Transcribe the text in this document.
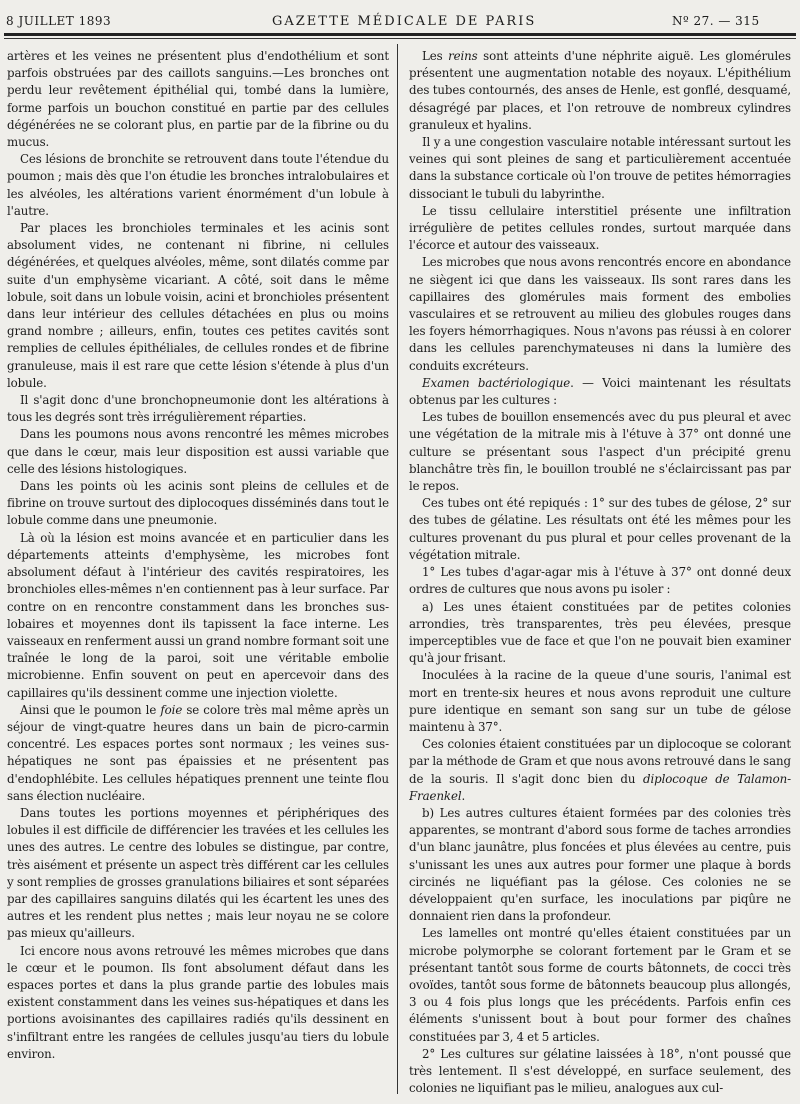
8 JUILLET 1893	GAZETTE MÉDICALE DE PARIS	Nº 27. — 315

artères et les veines ne présentent plus d'endothélium et sont parfois obstruées par des caillots sanguins.—Les bronches ont perdu leur revêtement épithélial qui, tombé dans la lumière, forme parfois un bouchon constitué en partie par des cellules dégénérées ne se colorant plus, en partie par de la fibrine ou du mucus.

Ces lésions de bronchite se retrouvent dans toute l'étendue du poumon ; mais dès que l'on étudie les bronches intralobulaires et les alvéoles, les altérations varient énormément d'un lobule à l'autre.

Par places les bronchioles terminales et les acinis sont absolument vides, ne contenant ni fibrine, ni cellules dégénérées, et quelques alvéoles, même, sont dilatés comme par suite d'un emphysème vicariant. A côté, soit dans le même lobule, soit dans un lobule voisin, acini et bronchioles présentent dans leur intérieur des cellules détachées en plus ou moins grand nombre ; ailleurs, enfin, toutes ces petites cavités sont remplies de cellules épithéliales, de cellules rondes et de fibrine granuleuse, mais il est rare que cette lésion s'étende à plus d'un lobule.

Il s'agit donc d'une bronchopneumonie dont les altérations à tous les degrés sont très irrégulièrement réparties.

Dans les poumons nous avons rencontré les mêmes microbes que dans le cœur, mais leur disposition est aussi variable que celle des lésions histologiques.

Dans les points où les acinis sont pleins de cellules et de fibrine on trouve surtout des diplocoques disséminés dans tout le lobule comme dans une pneumonie.

Là où la lésion est moins avancée et en particulier dans les départements atteints d'emphysème, les microbes font absolument défaut à l'intérieur des cavités respiratoires, les bronchioles elles-mêmes n'en contiennent pas à leur surface. Par contre on en rencontre constamment dans les bronches sus-lobaires et moyennes dont ils tapissent la face interne. Les vaisseaux en renferment aussi un grand nombre formant soit une traînée le long de la paroi, soit une véritable embolie microbienne. Enfin souvent on peut en apercevoir dans des capillaires qu'ils dessinent comme une injection violette.

Ainsi que le poumon le foie se colore très mal même après un séjour de vingt-quatre heures dans un bain de picro-carmin concentré. Les espaces portes sont normaux ; les veines sus-hépatiques ne sont pas épaissies et ne présentent pas d'endophlébite. Les cellules hépatiques prennent une teinte flou sans élection nucléaire.

Dans toutes les portions moyennes et périphériques des lobules il est difficile de différencier les travées et les cellules les unes des autres. Le centre des lobules se distingue, par contre, très aisément et présente un aspect très différent car les cellules y sont remplies de grosses granulations biliaires et sont séparées par des capillaires sanguins dilatés qui les écartent les unes des autres et les rendent plus nettes ; mais leur noyau ne se colore pas mieux qu'ailleurs.

Ici encore nous avons retrouvé les mêmes microbes que dans le cœur et le poumon. Ils font absolument défaut dans les espaces portes et dans la plus grande partie des lobules mais existent constamment dans les veines sus-hépatiques et dans les portions avoisinantes des capillaires radiés qu'ils dessinent en s'infiltrant entre les rangées de cellules jusqu'au tiers du lobule environ.

Les reins sont atteints d'une néphrite aiguë. Les glomérules présentent une augmentation notable des noyaux. L'épithélium des tubes contournés, des anses de Henle, est gonflé, desquamé, désagrégé par places, et l'on retrouve de nombreux cylindres granuleux et hyalins.

Il y a une congestion vasculaire notable intéressant surtout les veines qui sont pleines de sang et particulièrement accentuée dans la substance corticale où l'on trouve de petites hémorragies dissociant le tubuli du labyrinthe.

Le tissu cellulaire interstitiel présente une infiltration irrégulière de petites cellules rondes, surtout marquée dans l'écorce et autour des vaisseaux.

Les microbes que nous avons rencontrés encore en abondance ne siègent ici que dans les vaisseaux. Ils sont rares dans les capillaires des glomérules mais forment des embolies vasculaires et se retrouvent au milieu des globules rouges dans les foyers hémorrhagiques. Nous n'avons pas réussi à en colorer dans les cellules parenchymateuses ni dans la lumière des conduits excréteurs.

Examen bactériologique. — Voici maintenant les résultats obtenus par les cultures :

Les tubes de bouillon ensemencés avec du pus pleural et avec une végétation de la mitrale mis à l'étuve à 37° ont donné une culture se présentant sous l'aspect d'un précipité grenu blanchâtre très fin, le bouillon troublé ne s'éclaircissant pas par le repos.

Ces tubes ont été repiqués : 1° sur des tubes de gélose, 2° sur des tubes de gélatine. Les résultats ont été les mêmes pour les cultures provenant du pus plural et pour celles provenant de la végétation mitrale.

1° Les tubes d'agar-agar mis à l'étuve à 37° ont donné deux ordres de cultures que nous avons pu isoler :

a) Les unes étaient constituées par de petites colonies arrondies, très transparentes, très peu élevées, presque imperceptibles vue de face et que l'on ne pouvait bien examiner qu'à jour frisant.

Inoculées à la racine de la queue d'une souris, l'animal est mort en trente-six heures et nous avons reproduit une culture pure identique en semant son sang sur un tube de gélose maintenu à 37°.

Ces colonies étaient constituées par un diplocoque se colorant par la méthode de Gram et que nous avons retrouvé dans le sang de la souris. Il s'agit donc bien du diplocoque de Talamon-Fraenkel.

b) Les autres cultures étaient formées par des colonies très apparentes, se montrant d'abord sous forme de taches arrondies d'un blanc jaunâtre, plus foncées et plus élevées au centre, puis s'unissant les unes aux autres pour former une plaque à bords circinés ne liquéfiant pas la gélose. Ces colonies ne se développaient qu'en surface, les inoculations par piqûre ne donnaient rien dans la profondeur.

Les lamelles ont montré qu'elles étaient constituées par un microbe polymorphe se colorant fortement par le Gram et se présentant tantôt sous forme de courts bâtonnets, de cocci très ovoïdes, tantôt sous forme de bâtonnets beaucoup plus allongés, 3 ou 4 fois plus longs que les précédents. Parfois enfin ces éléments s'unissent bout à bout pour former des chaînes constituées par 3, 4 et 5 articles.

2° Les cultures sur gélatine laissées à 18°, n'ont poussé que très lentement. Il s'est développé, en surface seulement, des colonies ne liquifiant pas le milieu, analogues aux cul-
